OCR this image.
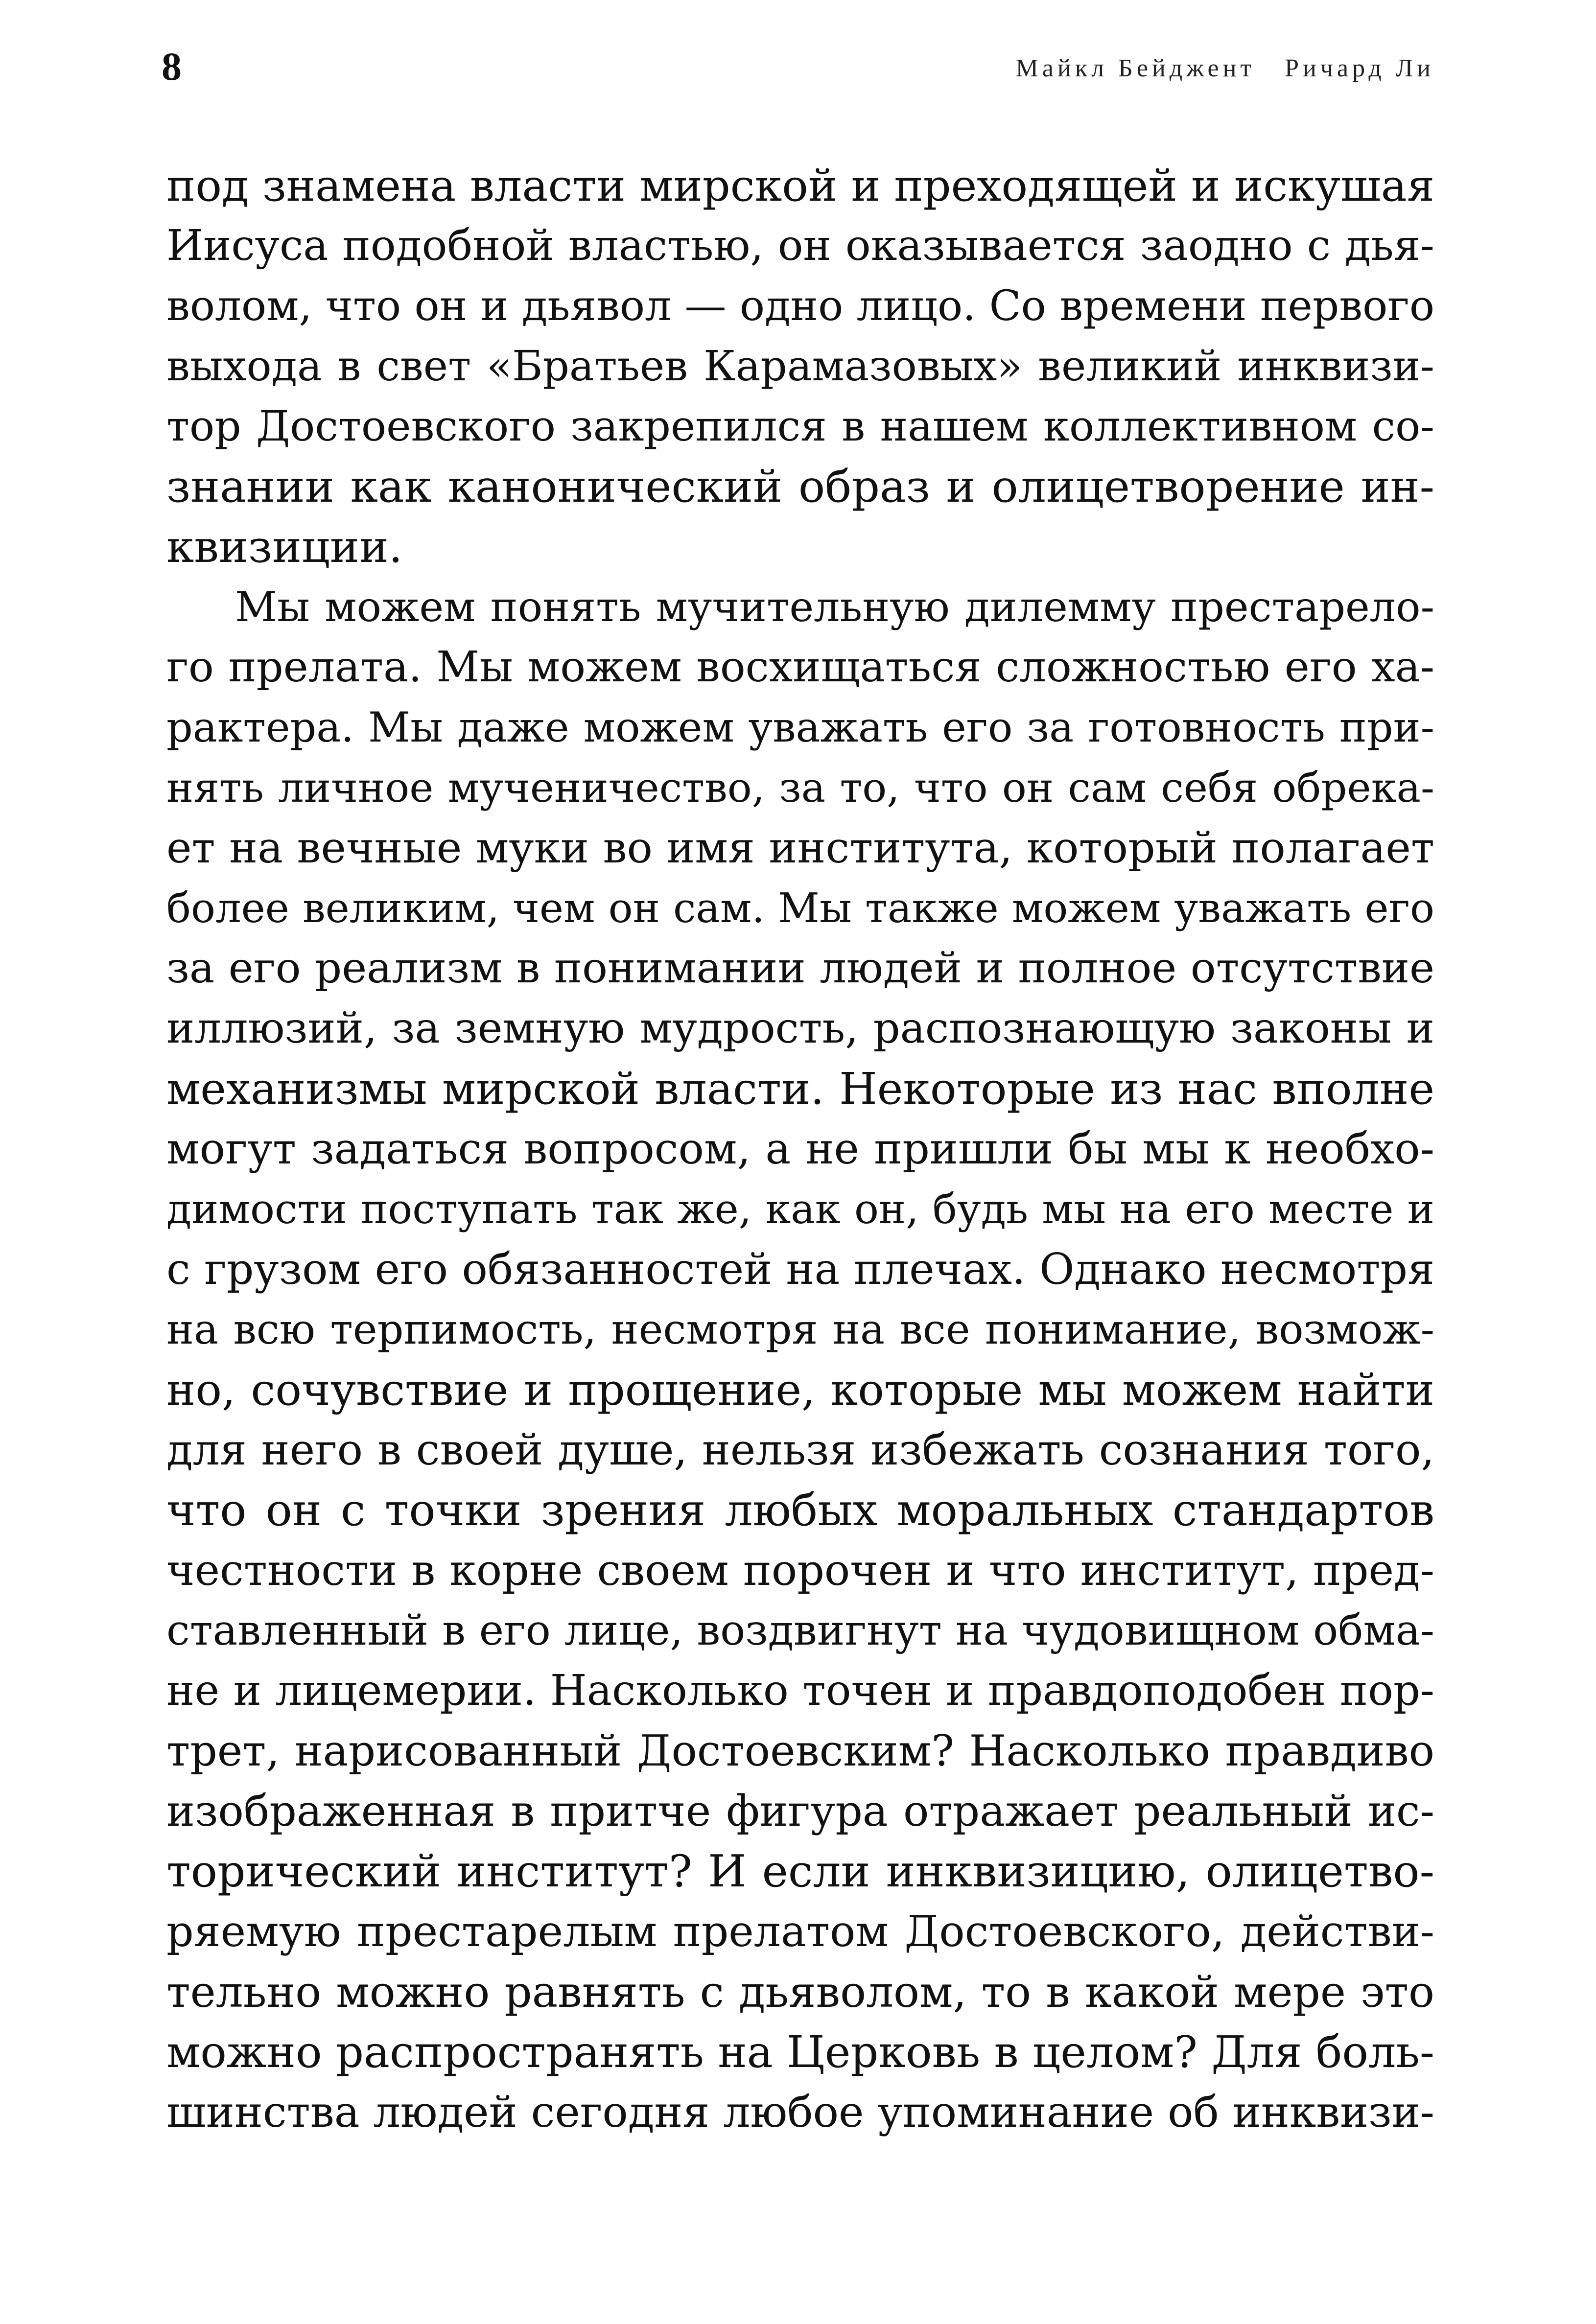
8	Майкл Бейджент Ричард Ли
под знамена власти мирской и преходящей и искушая
Иисуса подобной властью, он оказывается заодно с дья-
волом, что он и дьявол — одно лицо. Со времени первого
выхода в свет «Братьев Карамазовых» великий инквизи-
тор Достоевского закрепился в нашем коллективном со-
знании как канонический образ и олицетворение ин-
квизиции.
Мы можем понять мучительную дилемму престарело-
го прелата. Мы можем восхищаться сложностью его ха-
рактера. Мы даже можем уважать его за готовность при-
нять личное мученичество, за то, что он сам себя обрека-
ет на вечные муки во имя института, который полагает
более великим, чем он сам. Мы также можем уважать его
за его реализм в понимании людей и полное отсутствие
иллюзий, за земную мудрость, распознающую законы и
механизмы мирской власти. Некоторые из нас вполне
могут задаться вопросом, а не пришли бы мы к необхо-
димости поступать так же, как он, будь мы на его месте и
с грузом его обязанностей на плечах. Однако несмотря
на всю терпимость, несмотря на все понимание, возмож-
но, сочувствие и прощение, которые мы можем найти
для него в своей душе, нельзя избежать сознания того,
что он с точки зрения любых моральных стандартов
честности в корне своем порочен и что институт, пред-
ставленный в его лице, воздвигнут на чудовищном обма-
не и лицемерии. Насколько точен и правдоподобен пор-
трет, нарисованный Достоевским? Насколько правдиво
изображенная в притче фигура отражает реальный ис-
торический институт? И если инквизицию, олицетво-
ряемую престарелым прелатом Достоевского, действи-
тельно можно равнять с дьяволом, то в какой мере это
можно распространять на Церковь в целом? Для боль-
шинства людей сегодня любое упоминание об инквизи-
